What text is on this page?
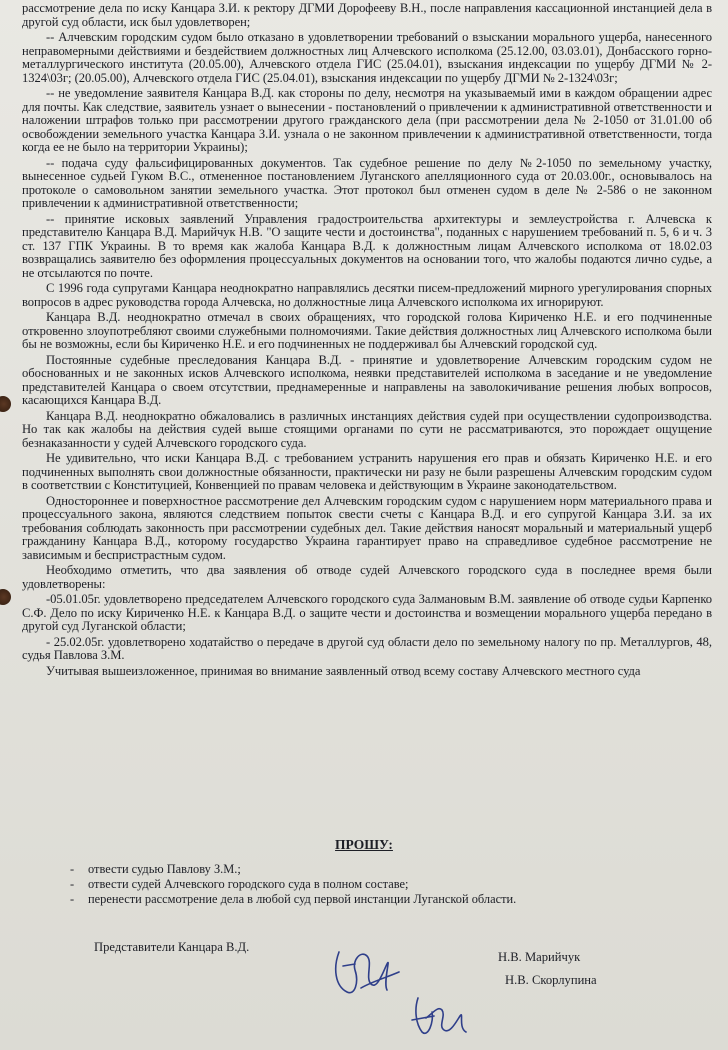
рассмотрение дела по иску Канцара З.И. к ректору ДГМИ Дорофееву В.Н., после направления кассационной инстанцией дела в другой суд области, иск был удовлетворен;

-- Алчевским городским судом было отказано в удовлетворении требований о взыскании морального ущерба, нанесенного неправомерными действиями и бездействием должностных лиц Алчевского исполкома (25.12.00, 03.03.01), Донбасского горно-металлургического института (20.05.00), Алчевского отдела ГИС (25.04.01), взыскания индексации по ущербу ДГМИ № 2-1324\03г; (20.05.00), Алчевского отдела ГИС (25.04.01), взыскания индексации по ущербу ДГМИ № 2-1324\03г;

-- не уведомление заявителя Канцара В.Д. как стороны по делу, несмотря на указываемый ими в каждом обращении адрес для почты. Как следствие, заявитель узнает о вынесении - постановлений о привлечении к административной ответственности и наложении штрафов только при рассмотрении другого гражданского дела (при рассмотрении дела № 2-1050 от 31.01.00 об освобождении земельного участка Канцара З.И. узнала о не законном привлечении к административной ответственности, тогда когда ее не было на территории Украины);

-- подача суду фальсифицированных документов. Так судебное решение по делу №2-1050 по земельному участку, вынесенное судьей Гуком В.С., отмененное постановлением Луганского апелляционного суда от 20.03.00г., основывалось на протоколе о самовольном занятии земельного участка. Этот протокол был отменен судом в деле № 2-586 о не законном привлечении к административной ответственности;

-- принятие исковых заявлений Управления градостроительства архитектуры и землеустройства г. Алчевска к представителю Канцара В.Д. Марийчук Н.В. "О защите чести и достоинства", поданных с нарушением требований п. 5, 6 и ч. 3 ст. 137 ГПК Украины. В то время как жалоба Канцара В.Д. к должностным лицам Алчевского исполкома от 18.02.03 возвращались заявителю без оформления процессуальных документов на основании того, что жалобы подаются лично судье, а не отсылаются по почте.

С 1996 года супругами Канцара неоднократно направлялись десятки писем-предложений мирного урегулирования спорных вопросов в адрес руководства города Алчевска, но должностные лица Алчевского исполкома их игнорируют.

Канцара В.Д. неоднократно отмечал в своих обращениях, что городской голова Кириченко Н.Е. и его подчиненные откровенно злоупотребляют своими служебными полномочиями. Такие действия должностных лиц Алчевского исполкома были бы не возможны, если бы Кириченко Н.Е. и его подчиненных не поддерживал бы Алчевский городской суд.

Постоянные судебные преследования Канцара В.Д. - принятие и удовлетворение Алчевским городским судом не обоснованных и не законных исков Алчевского исполкома, неявки представителей исполкома в заседание и не уведомление представителей Канцара о своем отсутствии, преднамеренные и направлены на заволокичивание решения любых вопросов, касающихся Канцара В.Д.

Канцара В.Д. неоднократно обжаловались в различных инстанциях действия судей при осуществлении судопроизводства. Но так как жалобы на действия судей выше стоящими органами по сути не рассматриваются, это порождает ощущение безнаказанности у судей Алчевского городского суда.

Не удивительно, что иски Канцара В.Д. с требованием устранить нарушения его прав и обязать Кириченко Н.Е. и его подчиненных выполнять свои должностные обязанности, практически ни разу не были разрешены Алчевским городским судом в соответствии с Конституцией, Конвенцией по правам человека и действующим в Украине законодательством.

Одностороннее и поверхностное рассмотрение дел Алчевским городским судом с нарушением норм материального права и процессуального закона, являются следствием попыток свести счеты с Канцара В.Д. и его супругой Канцара З.И. за их требования соблюдать законность при рассмотрении судебных дел. Такие действия наносят моральный и материальный ущерб гражданину Канцара В.Д., которому государство Украина гарантирует право на справедливое судебное рассмотрение не зависимым и беспристрастным судом.

Необходимо отметить, что два заявления об отводе судей Алчевского городского суда в последнее время были удовлетворены:

-05.01.05г. удовлетворено председателем Алчевского городского суда Залмановым В.М. заявление об отводе судьи Карпенко С.Ф. Дело по иску Кириченко Н.Е. к Канцара В.Д. о защите чести и достоинства и возмещении морального ущерба передано в другой суд Луганской области;

- 25.02.05г. удовлетворено ходатайство о передаче в другой суд области дело по земельному налогу по пр. Металлургов, 48, судья Павлова З.М.

Учитывая вышеизложенное, принимая во внимание заявленный отвод всему составу Алчевского местного суда

ПРОШУ:
- отвести судью Павлову З.М.;
- отвести судей Алчевского городского суда в полном составе;
- перенести рассмотрение дела в любой суд первой инстанции Луганской области.
Представители Канцара В.Д.
Н.В. Марийчук
Н.В. Скорлупина
